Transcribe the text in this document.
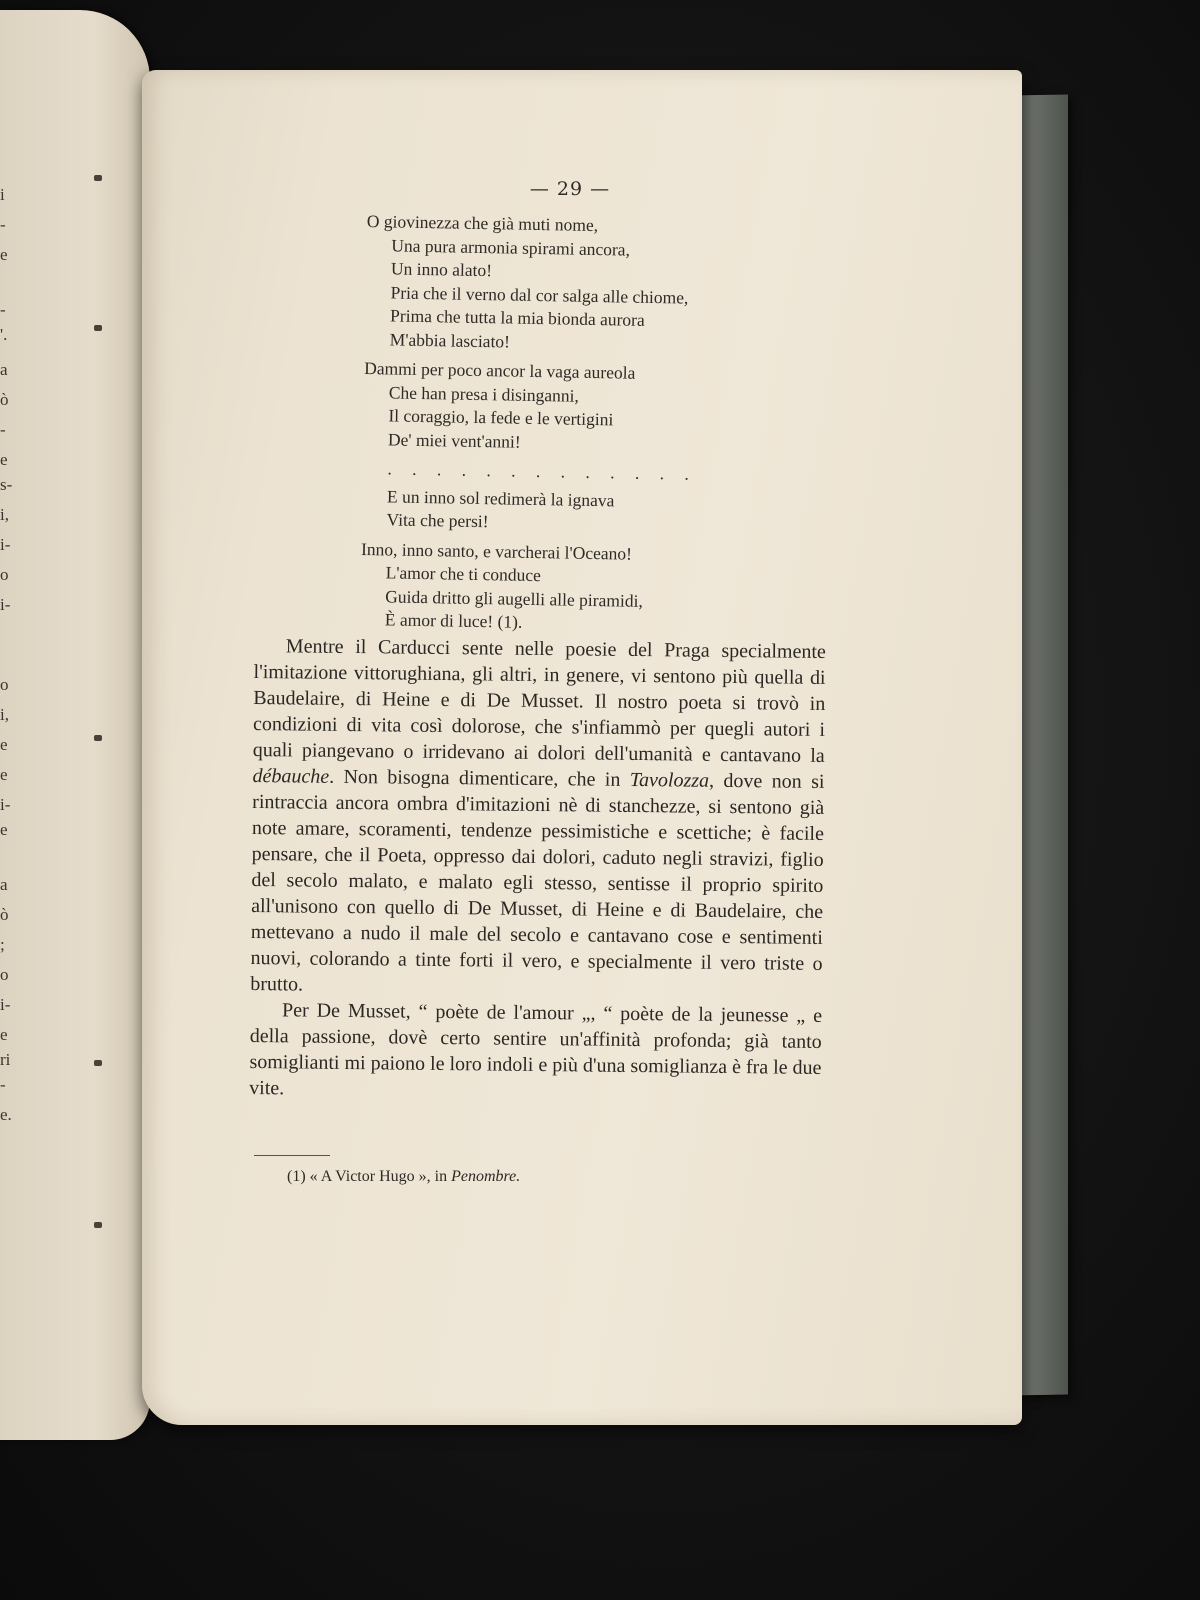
i
-
e
-
'.
a
ò
-
e
s-
i,
i-
o
i-
o
i,
e
e
i-
e
a
ò
;
o
i-
e
ri
-
e.
— 29 —
O giovinezza che già muti nome,
Una pura armonia spirami ancora,
Un inno alato!
Pria che il verno dal cor salga alle chiome,
Prima che tutta la mia bionda aurora
M'abbia lasciato!
Dammi per poco ancor la vaga aureola
Che han presa i disinganni,
Il coraggio, la fede e le vertigini
De' miei vent'anni!
. . . . . . . . . . . . .
E un inno sol redimerà la ignava
Vita che persi!
Inno, inno santo, e varcherai l'Oceano!
L'amor che ti conduce
Guida dritto gli augelli alle piramidi,
È amor di luce! (1).

Mentre il Carducci sente nelle poesie del Praga specialmente l'imitazione vittorughiana, gli altri, in genere, vi sentono più quella di Baudelaire, di Heine e di De Musset. Il nostro poeta si trovò in condizioni di vita così dolorose, che s'infiammò per quegli autori i quali piangevano o irridevano ai dolori dell'umanità e cantavano la débauche. Non bisogna dimenticare, che in Tavolozza, dove non si rintraccia ancora ombra d'imitazioni nè di stanchezze, si sentono già note amare, scoramenti, tendenze pessimistiche e scettiche; è facile pensare, che il Poeta, oppresso dai dolori, caduto negli stravizi, figlio del secolo malato, e malato egli stesso, sentisse il proprio spirito all'unisono con quello di De Musset, di Heine e di Baudelaire, che mettevano a nudo il male del secolo e cantavano cose e sentimenti nuovi, colorando a tinte forti il vero, e specialmente il vero triste o brutto.

Per De Musset, “ poète de l'amour „, “ poète de la jeunesse „ e della passione, dovè certo sentire un'affinità profonda; già tanto somiglianti mi paiono le loro indoli e più d'una somiglianza è fra le due vite.

(1) « A Victor Hugo », in Penombre.
